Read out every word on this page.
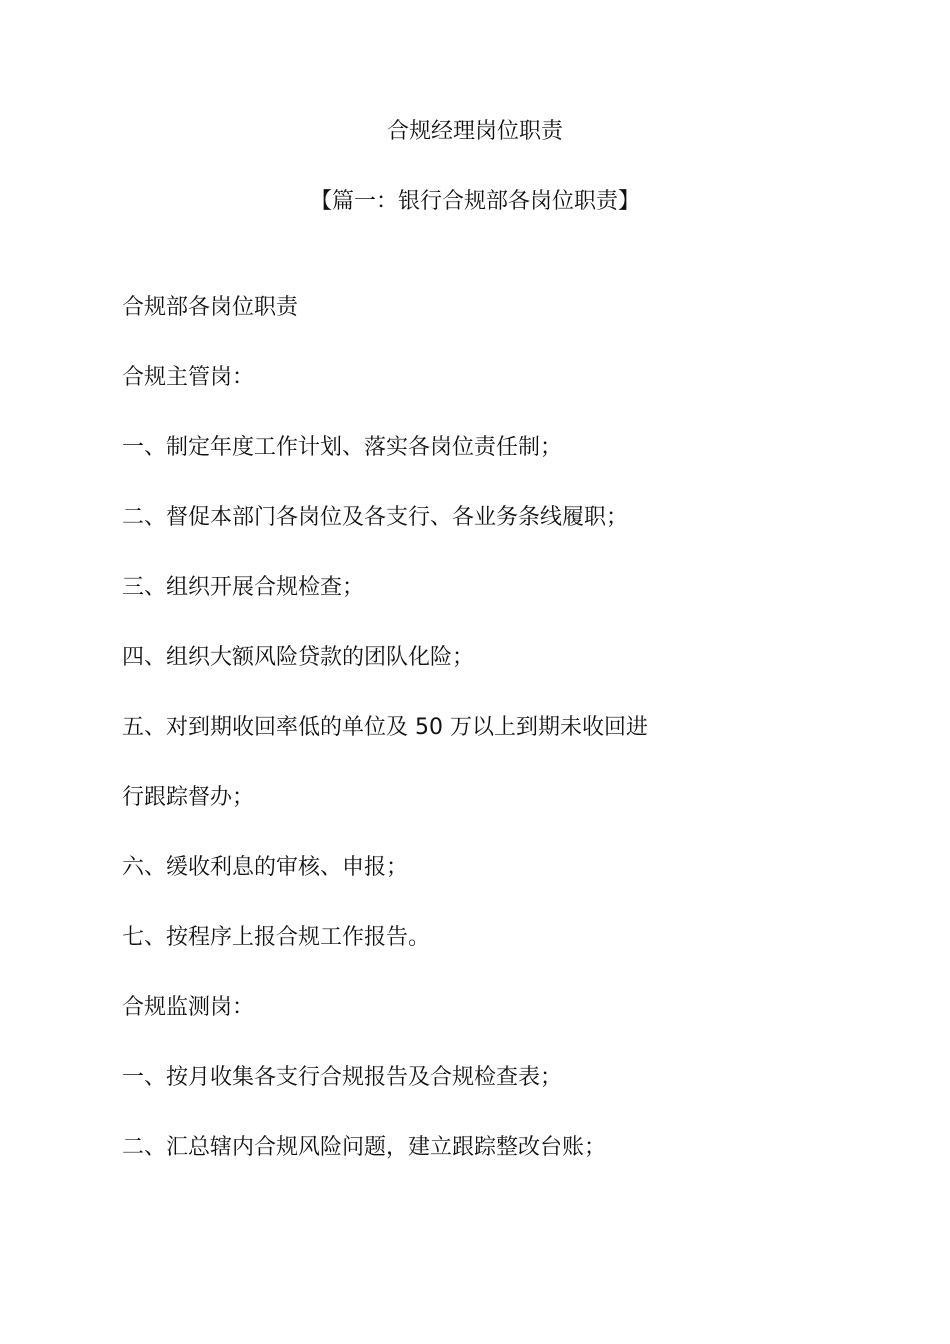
合规经理岗位职责
【篇一：银行合规部各岗位职责】
合规部各岗位职责
合规主管岗：
一、制定年度工作计划、落实各岗位责任制；
二、督促本部门各岗位及各支行、各业务条线履职；
三、组织开展合规检查；
四、组织大额风险贷款的团队化险；
五、对到期收回率低的单位及 50 万以上到期未收回进
行跟踪督办；
六、缓收利息的审核、申报；
七、按程序上报合规工作报告。
合规监测岗：
一、按月收集各支行合规报告及合规检查表；
二、汇总辖内合规风险问题，建立跟踪整改台账；
